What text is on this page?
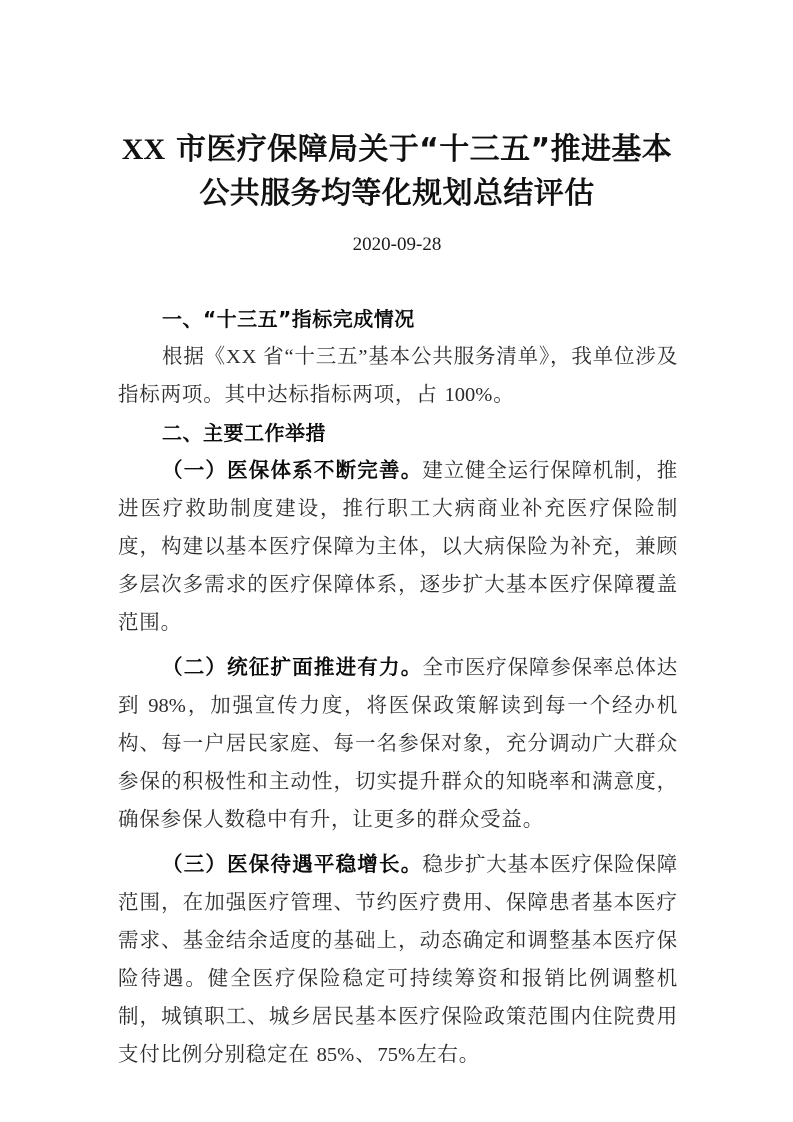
XX 市医疗保障局关于“十三五”推进基本
公共服务均等化规划总结评估
2020-09-28

一、“十三五”指标完成情况

根据《XX 省“十三五”基本公共服务清单》，我单位涉及指标两项。其中达标指标两项，占 100%。

二、主要工作举措

（一）医保体系不断完善。建立健全运行保障机制，推进医疗救助制度建设，推行职工大病商业补充医疗保险制度，构建以基本医疗保障为主体，以大病保险为补充，兼顾多层次多需求的医疗保障体系，逐步扩大基本医疗保障覆盖范围。

（二）统征扩面推进有力。全市医疗保障参保率总体达到 98%，加强宣传力度，将医保政策解读到每一个经办机构、每一户居民家庭、每一名参保对象，充分调动广大群众参保的积极性和主动性，切实提升群众的知晓率和满意度，确保参保人数稳中有升，让更多的群众受益。

（三）医保待遇平稳增长。稳步扩大基本医疗保险保障范围，在加强医疗管理、节约医疗费用、保障患者基本医疗需求、基金结余适度的基础上，动态确定和调整基本医疗保险待遇。健全医疗保险稳定可持续筹资和报销比例调整机制，城镇职工、城乡居民基本医疗保险政策范围内住院费用支付比例分别稳定在 85%、75%左右。
